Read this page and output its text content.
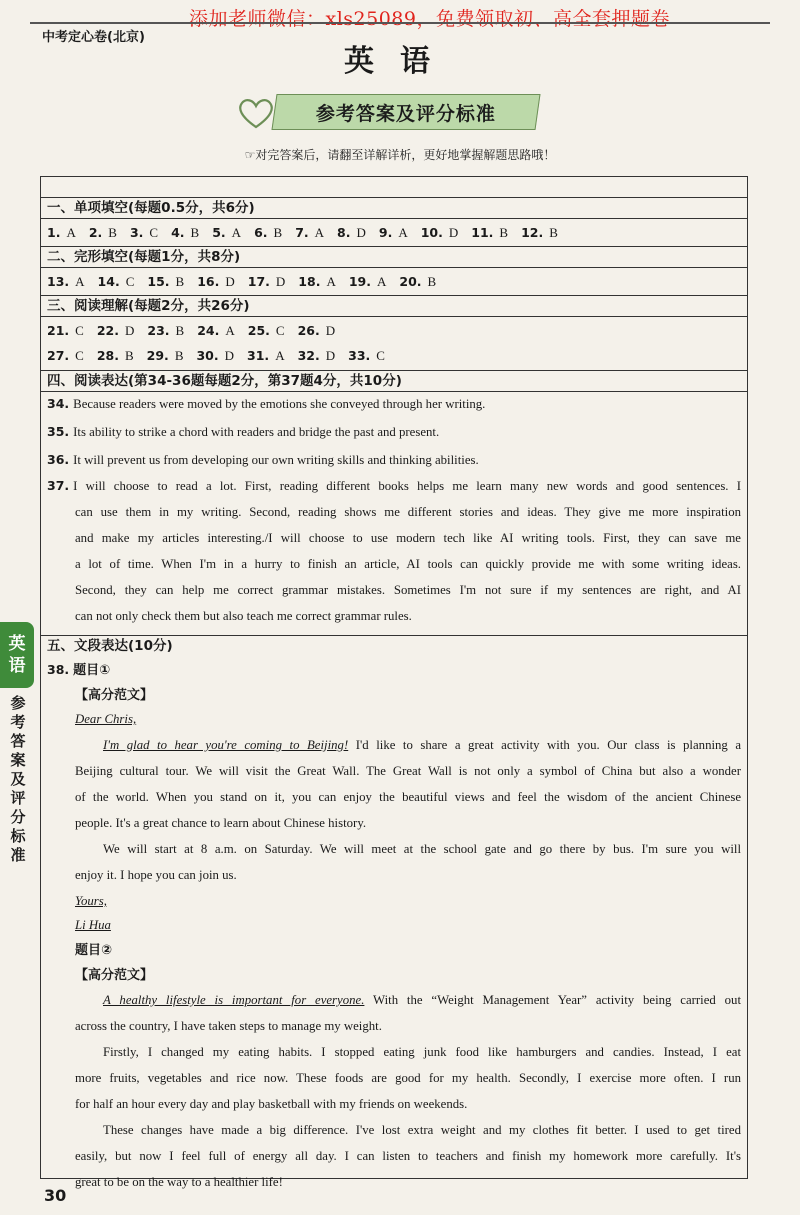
添加老师微信：xls25089，免费领取初、高全套押题卷
中考定心卷(北京)
英语
参考答案及评分标准
☞对完答案后，请翻至详解详析，更好地掌握解题思路哦！
一、单项填空(每题0.5分，共6分)
1. A 2. B 3. C 4. B 5. A 6. B 7. A 8. D 9. A 10. D 11. B 12. B
二、完形填空(每题1分，共8分)
13. A 14. C 15. B 16. D 17. D 18. A 19. A 20. B
三、阅读理解(每题2分，共26分)
21. C 22. D 23. B 24. A 25. C 26. D
27. C 28. B 29. B 30. D 31. A 32. D 33. C
四、阅读表达(第34-36题每题2分，第37题4分，共10分)
34. Because readers were moved by the emotions she conveyed through her writing.
35. Its ability to strike a chord with readers and bridge the past and present.
36. It will prevent us from developing our own writing skills and thinking abilities.
37. I will choose to read a lot. First, reading different books helps me learn many new words and good sentences. I
can use them in my writing. Second, reading shows me different stories and ideas. They give me more inspiration
and make my articles interesting./I will choose to use modern tech like AI writing tools. First, they can save me
a lot of time. When I'm in a hurry to finish an article, AI tools can quickly provide me with some writing ideas.
Second, they can help me correct grammar mistakes. Sometimes I'm not sure if my sentences are right, and AI
can not only check them but also teach me correct grammar rules.
五、文段表达(10分)
38. 题目①
【高分范文】
Dear Chris,
I'm glad to hear you're coming to Beijing! I'd like to share a great activity with you. Our class is planning a
Beijing cultural tour. We will visit the Great Wall. The Great Wall is not only a symbol of China but also a wonder
of the world. When you stand on it, you can enjoy the beautiful views and feel the wisdom of the ancient Chinese
people. It's a great chance to learn about Chinese history.
We will start at 8 a.m. on Saturday. We will meet at the school gate and go there by bus. I'm sure you will
enjoy it. I hope you can join us.
Yours,
Li Hua
题目②
【高分范文】
A healthy lifestyle is important for everyone. With the “Weight Management Year” activity being carried out
across the country, I have taken steps to manage my weight.
Firstly, I changed my eating habits. I stopped eating junk food like hamburgers and candies. Instead, I eat
more fruits, vegetables and rice now. These foods are good for my health. Secondly, I exercise more often. I run
for half an hour every day and play basketball with my friends on weekends.
These changes have made a big difference. I've lost extra weight and my clothes fit better. I used to get tired
easily, but now I feel full of energy all day. I can listen to teachers and finish my homework more carefully. It's
great to be on the way to a healthier life!
英
语
参考答案及评分标准
30
